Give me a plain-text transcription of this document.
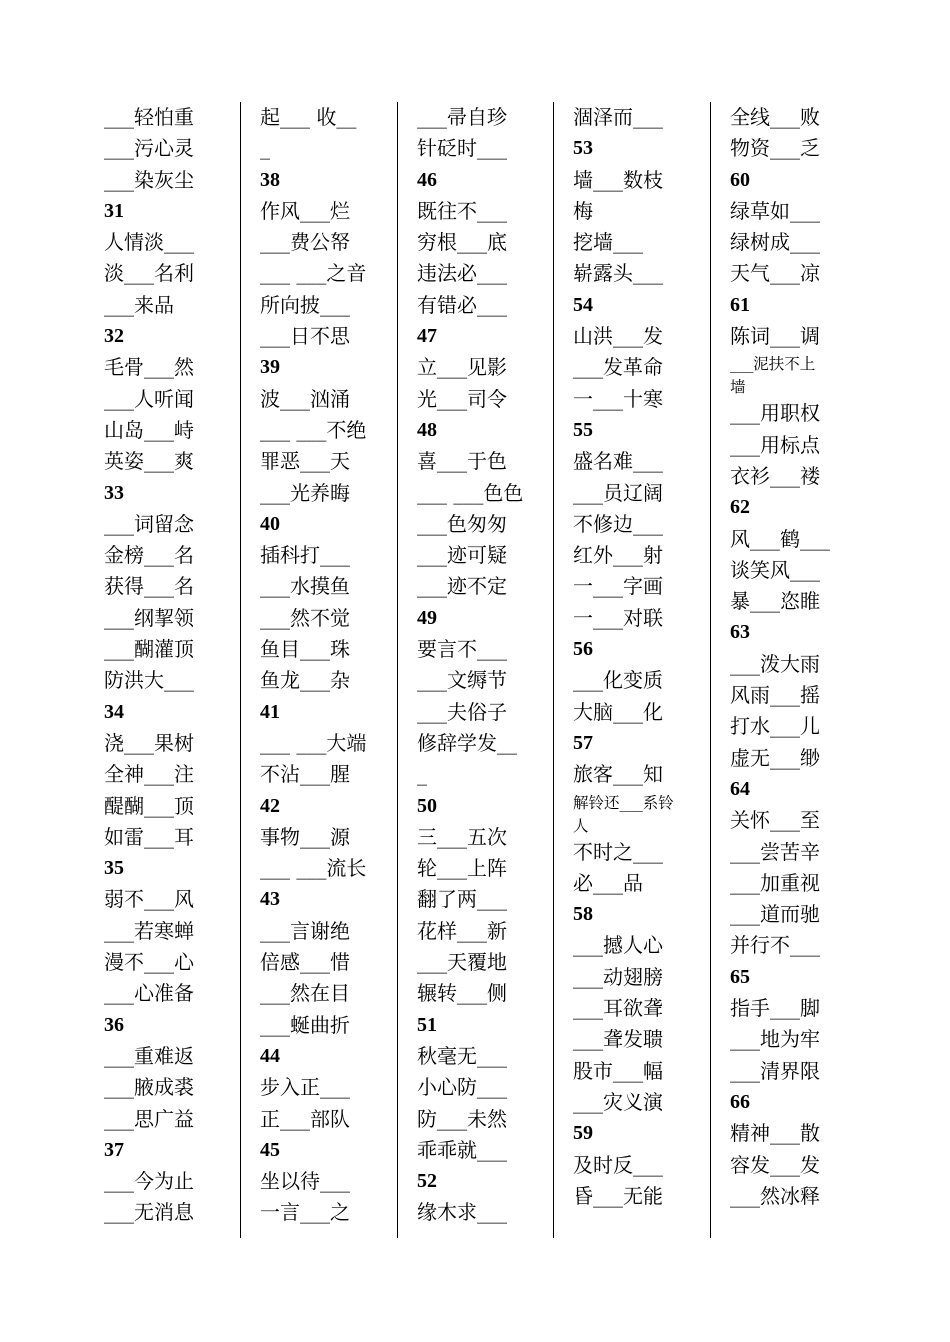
___轻怕重
___污心灵
___染灰尘
31
人情淡___
淡___名利
___来品
32
毛骨___然
___人听闻
山岛___峙
英姿___爽
33
___词留念
金榜___名
获得___名
___纲挈领
___醐灌顶
防洪大___
34
浇___果树
全神___注
醍醐___顶
如雷___耳
35
弱不___风
___若寒蝉
漫不___心
___心准备
36
___重难返
___腋成裘
___思广益
37
___今为止
___无消息
起___ 收__
_
38
作风___烂
___费公帑
___ ___之音
所向披___
___日不思
39
波___汹涌
___ ___不绝
罪恶___天
___光养晦
40
插科打___
___水摸鱼
___然不觉
鱼目___珠
鱼龙___杂
41
___ ___大端
不沾___腥
42
事物___源
___ ___流长
43
___言谢绝
倍感___惜
___然在目
___蜒曲折
44
步入正___
正___部队
45
坐以待___
一言___之
___帚自珍
针砭时___
46
既往不___
穷根___底
违法必___
有错必___
47
立___见影
光___司令
48
喜___于色
___ ___色色
___色匆匆
___迹可疑
___迹不定
49
要言不___
___文缛节
___夫俗子
修辞学发__
_
50
三___五次
轮___上阵
翻了两___
花样___新
___天覆地
辗转___侧
51
秋毫无___
小心防___
防___未然
乖乖就___
52
缘木求___
涸泽而___
53
墙___数枝
梅
挖墙___
崭露头___
54
山洪___发
___发革命
一___十寒
55
盛名难___
___员辽阔
不修边___
红外___射
一___字画
一___对联
56
___化变质
大脑___化
57
旅客___知
解铃还___系铃
人
不时之___
必___品
58
___撼人心
___动翅膀
___耳欲聋
___聋发聩
股市___幅
___灾义演
59
及时反___
昏___无能
全线___败
物资___乏
60
绿草如___
绿树成___
天气___凉
61
陈词___调
___泥扶不上
墙
___用职权
___用标点
衣衫___褛
62
风___鹤___
谈笑风___
暴___恣睢
63
___泼大雨
风雨___摇
打水___儿
虚无___缈
64
关怀___至
___尝苦辛
___加重视
___道而驰
并行不___
65
指手___脚
___地为牢
___清界限
66
精神___散
容发___发
___然冰释
